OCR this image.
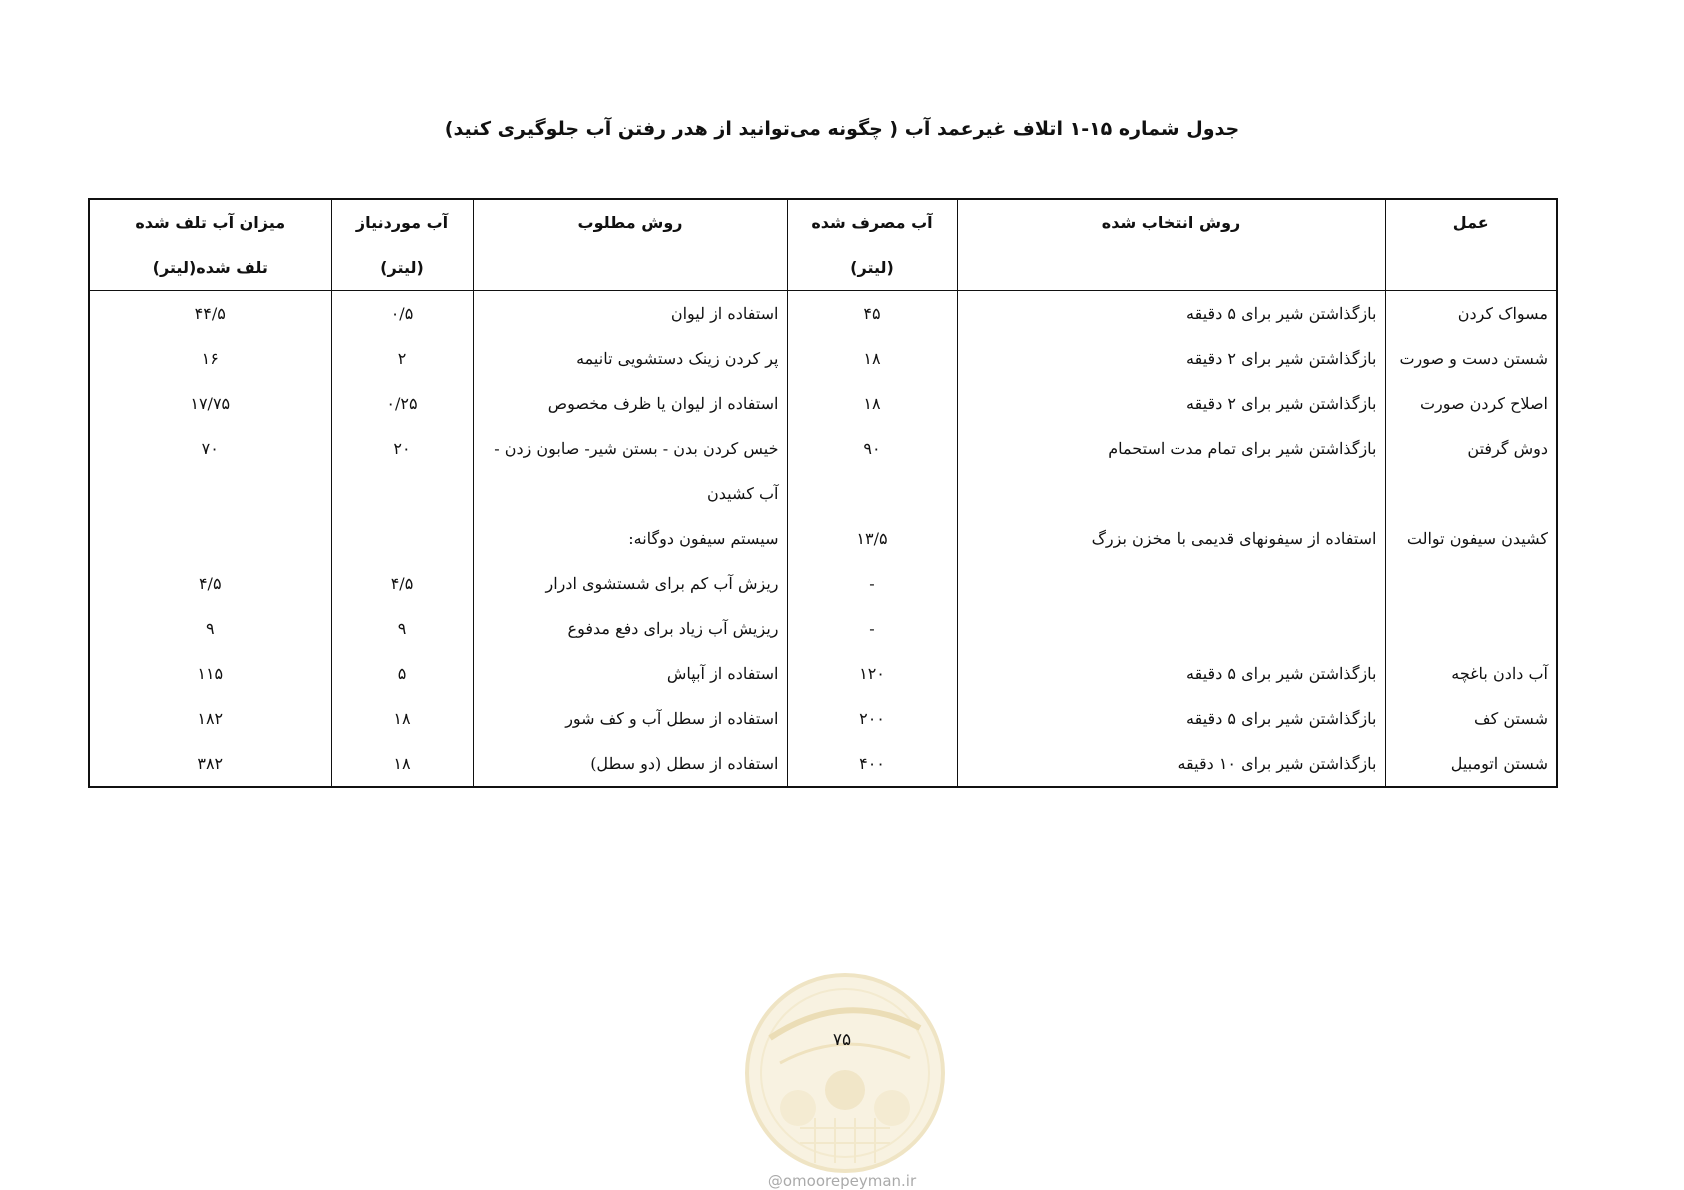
جدول شماره ۱۵-۱ اتلاف غیرعمد آب ( چگونه می‌توانید از هدر رفتن آب جلوگیری کنید)
عمل	روش انتخاب شده	آب مصرف شده	روش مطلوب	آب موردنیاز	میزان آب تلف شده
		(لیتر)		(لیتر)	تلف شده(لیتر)
مسواک کردن	بازگذاشتن شیر برای ۵ دقیقه	۴۵	استفاده از لیوان	۰/۵	۴۴/۵
شستن دست و صورت	بازگذاشتن شیر برای ۲ دقیقه	۱۸	پر کردن زینک دستشویی تانیمه	۲	۱۶
اصلاح کردن صورت	بازگذاشتن شیر برای ۲ دقیقه	۱۸	استفاده از لیوان یا ظرف مخصوص	۰/۲۵	۱۷/۷۵
دوش گرفتن	بازگذاشتن شیر برای تمام مدت استحمام	۹۰	خیس کردن بدن - بستن شیر- صابون زدن -	۲۰	۷۰
			آب کشیدن		
کشیدن سیفون توالت	استفاده از سیفونهای قدیمی با مخزن بزرگ	۱۳/۵	سیستم سیفون دوگانه:		
		-	ریزش آب کم برای شستشوی ادرار	۴/۵	۴/۵
		-	ریزیش آب زیاد برای دفع مدفوع	۹	۹
آب دادن باغچه	بازگذاشتن شیر برای ۵ دقیقه	۱۲۰	استفاده از آبپاش	۵	۱۱۵
شستن کف	بازگذاشتن شیر برای ۵ دقیقه	۲۰۰	استفاده از سطل آب و کف شور	۱۸	۱۸۲
شستن اتومبیل	بازگذاشتن شیر برای ۱۰ دقیقه	۴۰۰	استفاده از سطل (دو سطل)	۱۸	۳۸۲
۷۵
@omoorepeyman.ir
